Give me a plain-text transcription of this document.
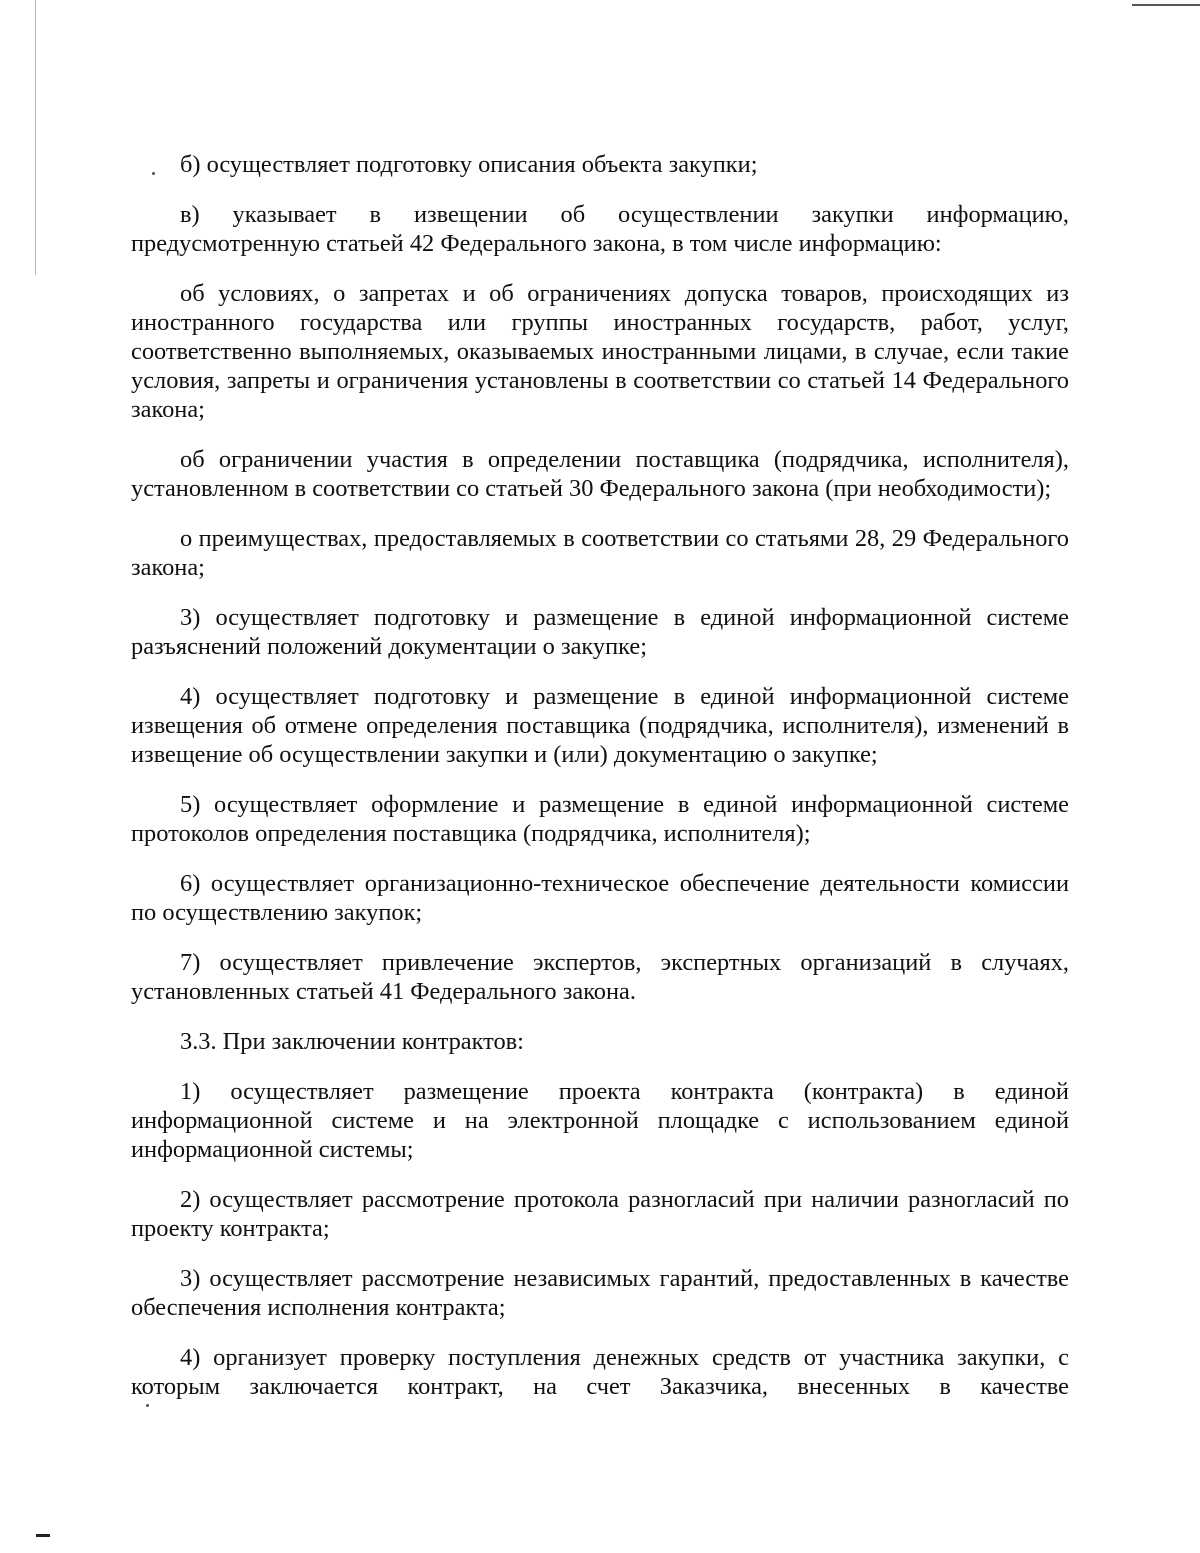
б) осуществляет подготовку описания объекта закупки;

в) указывает в извещении об осуществлении закупки информацию, предусмотренную статьей 42 Федерального закона, в том числе информацию:

об условиях, о запретах и об ограничениях допуска товаров, происходящих из иностранного государства или группы иностранных государств, работ, услуг, соответственно выполняемых, оказываемых иностранными лицами, в случае, если такие условия, запреты и ограничения установлены в соответствии со статьей 14 Федерального закона;

об ограничении участия в определении поставщика (подрядчика, исполнителя), установленном в соответствии со статьей 30 Федерального закона (при необходимости);

о преимуществах, предоставляемых в соответствии со статьями 28, 29 Федерального закона;

3) осуществляет подготовку и размещение в единой информационной системе разъяснений положений документации о закупке;

4) осуществляет подготовку и размещение в единой информационной системе извещения об отмене определения поставщика (подрядчика, исполнителя), изменений в извещение об осуществлении закупки и (или) документацию о закупке;

5) осуществляет оформление и размещение в единой информационной системе протоколов определения поставщика (подрядчика, исполнителя);

6) осуществляет организационно-техническое обеспечение деятельности комиссии по осуществлению закупок;

7) осуществляет привлечение экспертов, экспертных организаций в случаях, установленных статьей 41 Федерального закона.

3.3. При заключении контрактов:

1) осуществляет размещение проекта контракта (контракта) в единой информационной системе и на электронной площадке с использованием единой информационной системы;

2) осуществляет рассмотрение протокола разногласий при наличии разногласий по проекту контракта;

3) осуществляет рассмотрение независимых гарантий, предоставленных в качестве обеспечения исполнения контракта;

4) организует проверку поступления денежных средств от участника закупки, с которым заключается контракт, на счет Заказчика, внесенных в качестве
